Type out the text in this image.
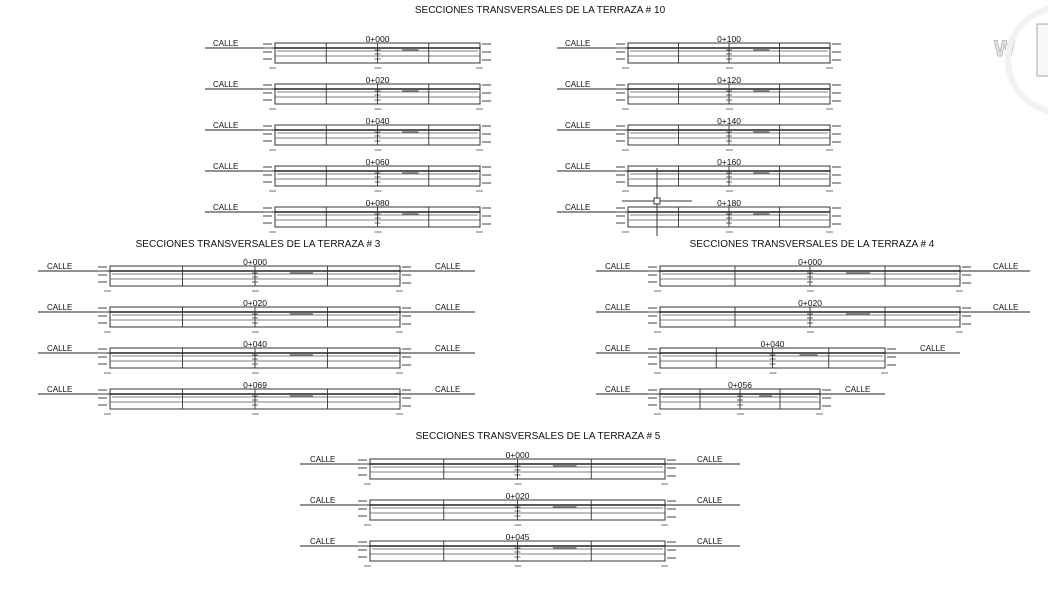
W
SECCIONES TRANSVERSALES DE LA TERRAZA # 10
CALLE	0+000
CALLE	0+020
CALLE	0+040
CALLE	0+060
CALLE	0+080
CALLE	0+100
CALLE	0+120
CALLE	0+140
CALLE	0+160
CALLE	0+180
SECCIONES TRANSVERSALES DE LA TERRAZA # 3
CALLE	CALLE
0+000
CALLE	CALLE
0+020
CALLE	CALLE
0+040
CALLE	CALLE
0+069
SECCIONES TRANSVERSALES DE LA TERRAZA # 4
CALLE	CALLE
0+000
CALLE	CALLE
0+020
CALLE	CALLE
0+040
CALLE	CALLE
0+056
SECCIONES TRANSVERSALES DE LA TERRAZA # 5
CALLE	CALLE
0+000
CALLE	CALLE
0+020
CALLE	CALLE
0+045
